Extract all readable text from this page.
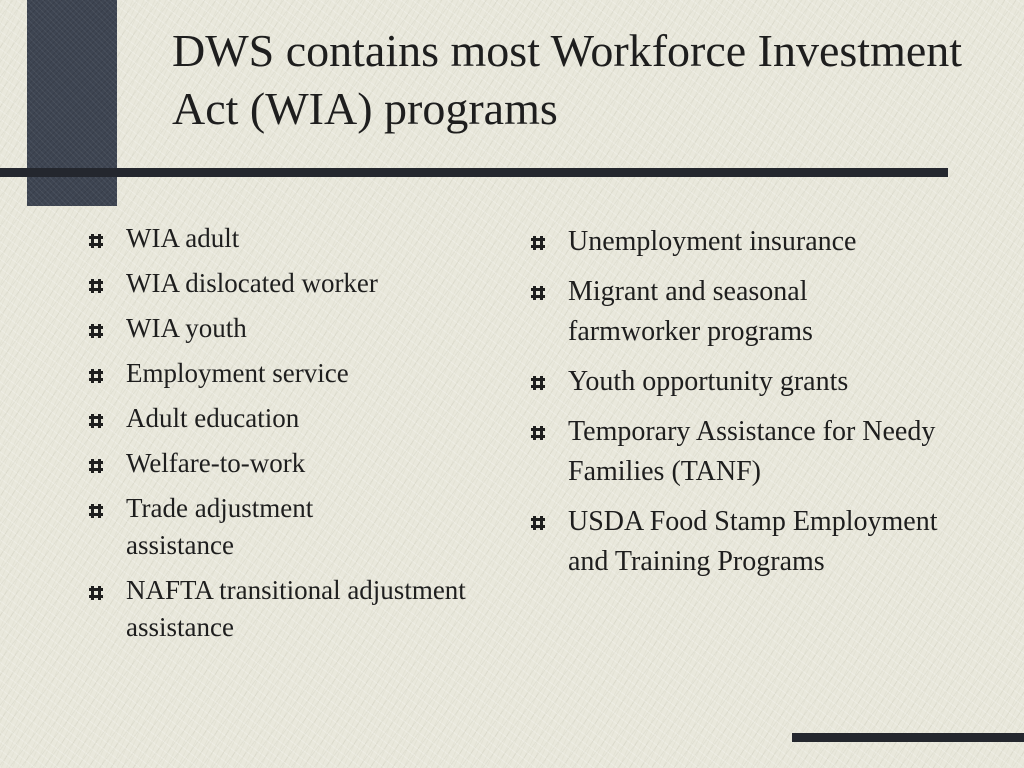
DWS contains most Workforce Investment Act (WIA) programs
WIA adult
WIA dislocated worker
WIA youth
Employment service
Adult education
Welfare-to-work
Trade adjustment assistance
NAFTA transitional adjustment assistance
Unemployment insurance
Migrant and seasonal farmworker programs
Youth opportunity grants
Temporary Assistance for Needy Families (TANF)
USDA Food Stamp Employment and Training Programs
